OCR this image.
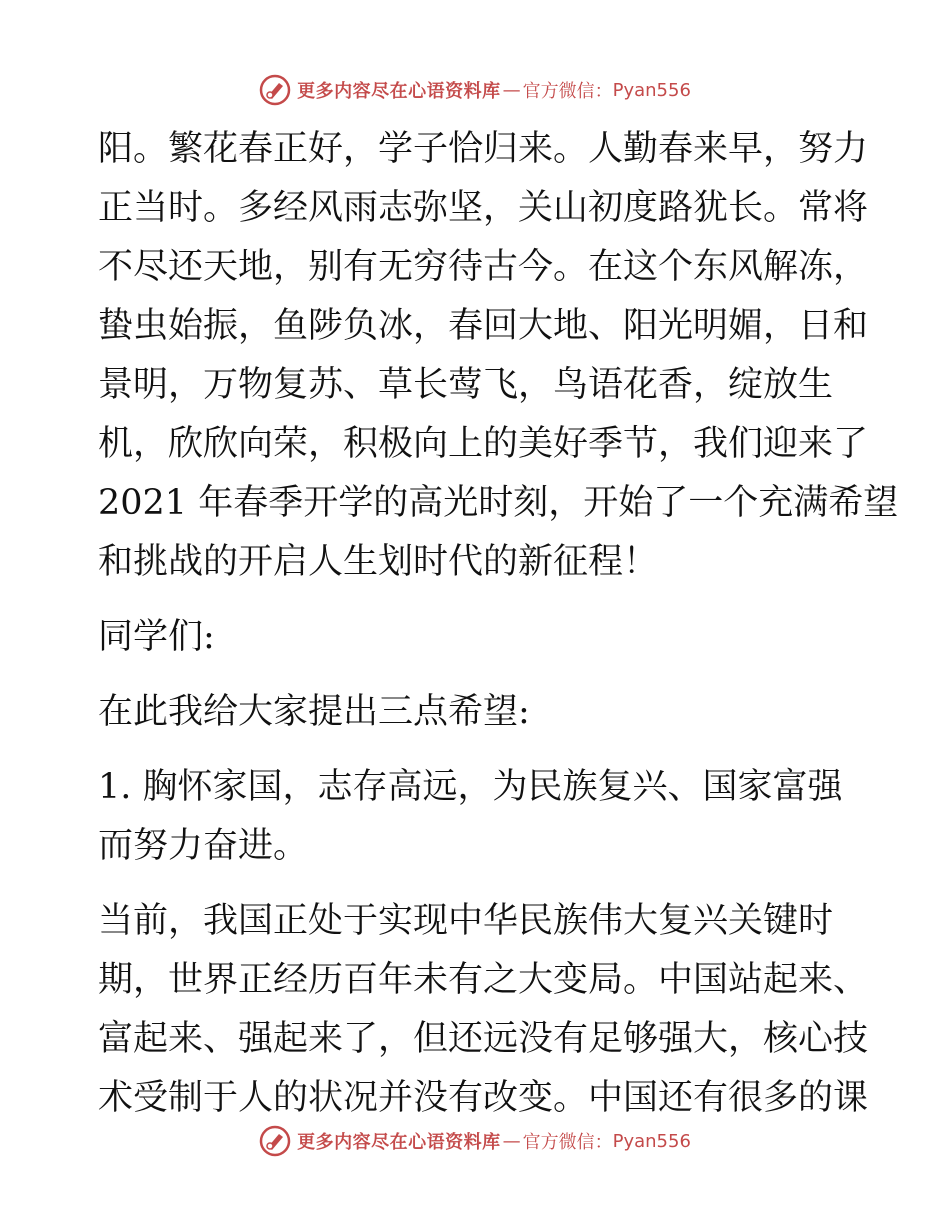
更多内容尽在心语资料库 — 官方微信： Pyan556

阳。繁花春正好，学子恰归来。人勤春来早，努力

正当时。多经风雨志弥坚，关山初度路犹长。常将

不尽还天地，别有无穷待古今。在这个东风解冻，

蛰虫始振，鱼陟负冰，春回大地、阳光明媚，日和

景明，万物复苏、草长莺飞，鸟语花香，绽放生

机，欣欣向荣，积极向上的美好季节，我们迎来了

2021 年春季开学的高光时刻，开始了一个充满希望

和挑战的开启人生划时代的新征程！

同学们:

在此我给大家提出三点希望:

1. 胸怀家国，志存高远，为民族复兴、国家富强

而努力奋进。

当前，我国正处于实现中华民族伟大复兴关键时

期，世界正经历百年未有之大变局。中国站起来、

富起来、强起来了，但还远没有足够强大，核心技

术受制于人的状况并没有改变。中国还有很多的课

更多内容尽在心语资料库 — 官方微信： Pyan556
